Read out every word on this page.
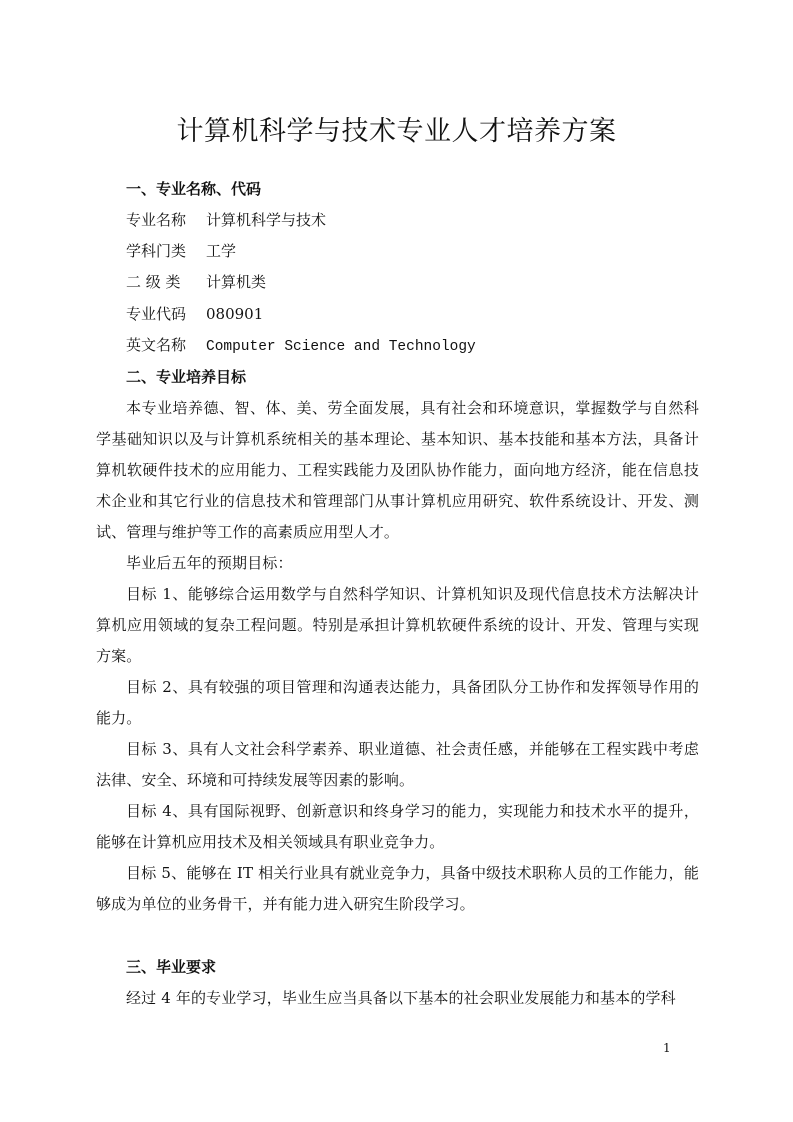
计算机科学与技术专业人才培养方案
一、专业名称、代码
专业名称 计算机科学与技术
学科门类 工学
二 级 类 计算机类
专业代码 080901
英文名称 Computer Science and Technology
二、专业培养目标

本专业培养德、智、体、美、劳全面发展，具有社会和环境意识，掌握数学与自然科学基础知识以及与计算机系统相关的基本理论、基本知识、基本技能和基本方法，具备计算机软硬件技术的应用能力、工程实践能力及团队协作能力，面向地方经济，能在信息技术企业和其它行业的信息技术和管理部门从事计算机应用研究、软件系统设计、开发、测试、管理与维护等工作的高素质应用型人才。

毕业后五年的预期目标：

目标 1、能够综合运用数学与自然科学知识、计算机知识及现代信息技术方法解决计算机应用领域的复杂工程问题。特别是承担计算机软硬件系统的设计、开发、管理与实现方案。

目标 2、具有较强的项目管理和沟通表达能力，具备团队分工协作和发挥领导作用的能力。

目标 3、具有人文社会科学素养、职业道德、社会责任感，并能够在工程实践中考虑法律、安全、环境和可持续发展等因素的影响。

目标 4、具有国际视野、创新意识和终身学习的能力，实现能力和技术水平的提升，能够在计算机应用技术及相关领域具有职业竞争力。

目标 5、能够在 IT 相关行业具有就业竞争力，具备中级技术职称人员的工作能力，能够成为单位的业务骨干，并有能力进入研究生阶段学习。

三、毕业要求

经过 4 年的专业学习，毕业生应当具备以下基本的社会职业发展能力和基本的学科

1
